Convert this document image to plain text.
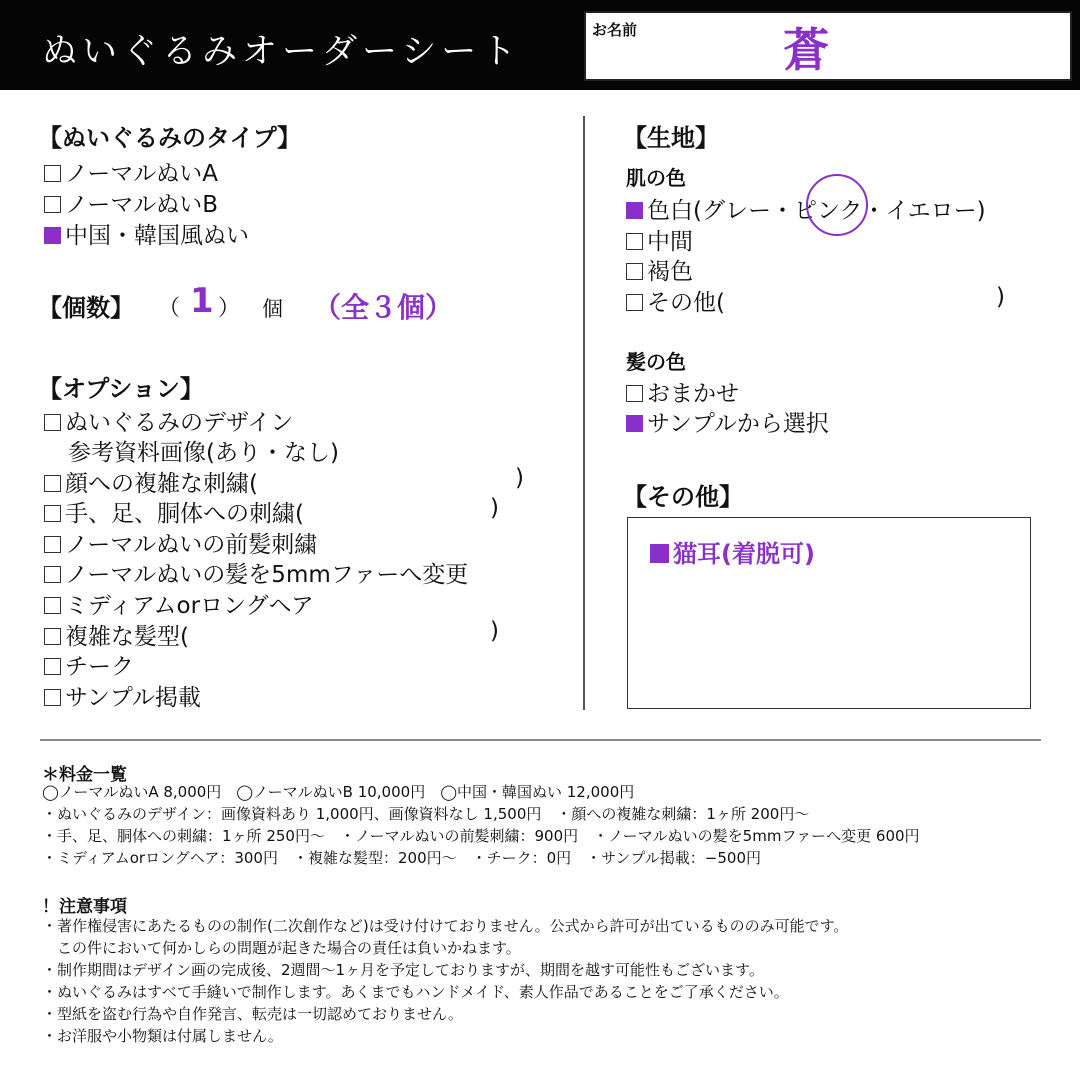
ぬいぐるみオーダーシート
お名前	蒼
【ぬいぐるみのタイプ】
ノーマルぬいA
ノーマルぬいB
中国・韓国風ぬい
【個数】 （ 1 ） 個 （全３個）
【オプション】
ぬいぐるみのデザイン
参考資料画像(あり・なし)
顔への複雑な刺繍(	)
手、足、胴体への刺繍(	)
ノーマルぬいの前髪刺繍
ノーマルぬいの髪を5mmファーへ変更
ミディアムorロングヘア
複雑な髪型(	)
チーク
サンプル掲載
【生地】
肌の色
色白(グレー・ピンク・イエロー)
中間
褐色
その他(	)
髪の色
おまかせ
サンプルから選択
【その他】
猫耳(着脱可)
＊料金一覧
◯ノーマルぬいA 8,000円　◯ノーマルぬいB 10,000円　◯中国・韓国ぬい 12,000円
・ぬいぐるみのデザイン：画像資料あり 1,000円、画像資料なし 1,500円　・顔への複雑な刺繍：1ヶ所 200円〜
・手、足、胴体への刺繍：1ヶ所 250円〜　・ノーマルぬいの前髪刺繍：900円　・ノーマルぬいの髪を5mmファーへ変更 600円
・ミディアムorロングヘア：300円　・複雑な髪型：200円〜　・チーク：0円　・サンプル掲載：−500円
！注意事項
・著作権侵害にあたるものの制作(二次創作など)は受け付けておりません。公式から許可が出ているもののみ可能です。
　この件において何かしらの問題が起きた場合の責任は負いかねます。
・制作期間はデザイン画の完成後、2週間〜1ヶ月を予定しておりますが、期間を越す可能性もございます。
・ぬいぐるみはすべて手縫いで制作します。あくまでもハンドメイド、素人作品であることをご了承ください。
・型紙を盗む行為や自作発言、転売は一切認めておりません。
・お洋服や小物類は付属しません。
